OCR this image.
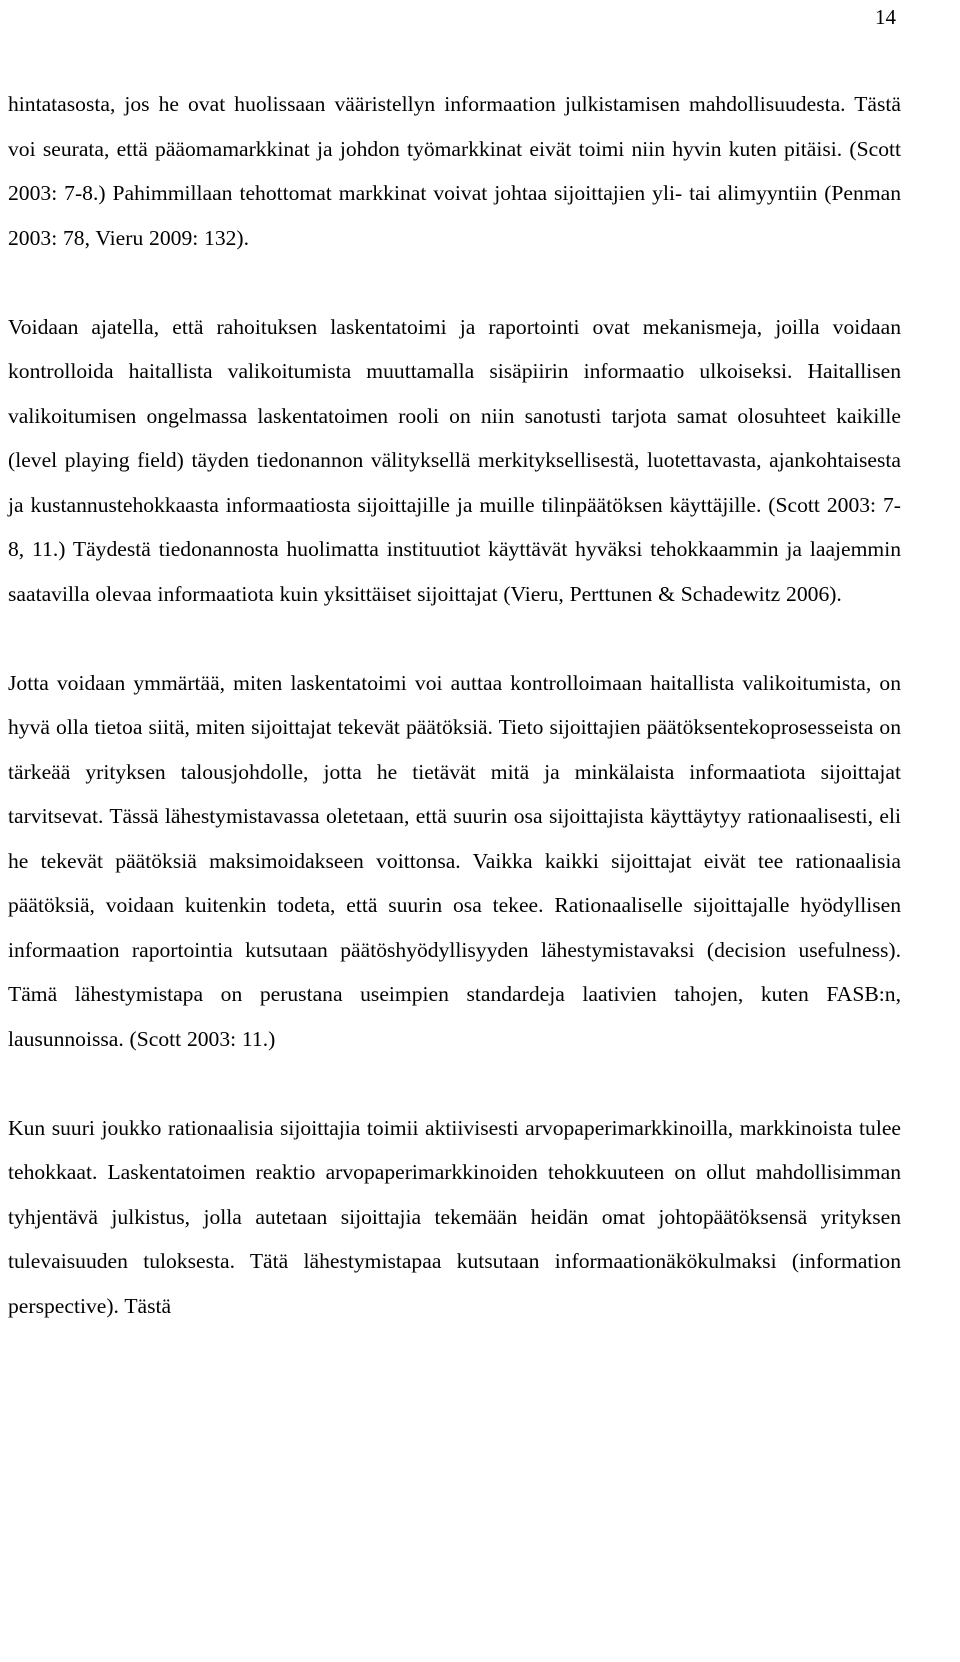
14

hintatasosta, jos he ovat huolissaan vääristellyn informaation julkistamisen mahdollisuudesta. Tästä voi seurata, että pääomamarkkinat ja johdon työmarkkinat eivät toimi niin hyvin kuten pitäisi. (Scott 2003: 7-8.) Pahimmillaan tehottomat markkinat voivat johtaa sijoittajien yli- tai alimyyntiin (Penman 2003: 78, Vieru 2009: 132).

Voidaan ajatella, että rahoituksen laskentatoimi ja raportointi ovat mekanismeja, joilla voidaan kontrolloida haitallista valikoitumista muuttamalla sisäpiirin informaatio ulkoiseksi. Haitallisen valikoitumisen ongelmassa laskentatoimen rooli on niin sanotusti tarjota samat olosuhteet kaikille (level playing field) täyden tiedonannon välityksellä merkityksellisestä, luotettavasta, ajankohtaisesta ja kustannustehokkaasta informaatiosta sijoittajille ja muille tilinpäätöksen käyttäjille. (Scott 2003: 7-8, 11.) Täydestä tiedonannosta huolimatta instituutiot käyttävät hyväksi tehokkaammin ja laajemmin saatavilla olevaa informaatiota kuin yksittäiset sijoittajat (Vieru, Perttunen & Schadewitz 2006).

Jotta voidaan ymmärtää, miten laskentatoimi voi auttaa kontrolloimaan haitallista valikoitumista, on hyvä olla tietoa siitä, miten sijoittajat tekevät päätöksiä. Tieto sijoittajien päätöksentekoprosesseista on tärkeää yrityksen talousjohdolle, jotta he tietävät mitä ja minkälaista informaatiota sijoittajat tarvitsevat. Tässä lähestymistavassa oletetaan, että suurin osa sijoittajista käyttäytyy rationaalisesti, eli he tekevät päätöksiä maksimoidakseen voittonsa. Vaikka kaikki sijoittajat eivät tee rationaalisia päätöksiä, voidaan kuitenkin todeta, että suurin osa tekee. Rationaaliselle sijoittajalle hyödyllisen informaation raportointia kutsutaan päätöshyödyllisyyden lähestymistavaksi (decision usefulness). Tämä lähestymistapa on perustana useimpien standardeja laativien tahojen, kuten FASB:n, lausunnoissa. (Scott 2003: 11.)

Kun suuri joukko rationaalisia sijoittajia toimii aktiivisesti arvopaperimarkkinoilla, markkinoista tulee tehokkaat. Laskentatoimen reaktio arvopaperimarkkinoiden tehokkuuteen on ollut mahdollisimman tyhjentävä julkistus, jolla autetaan sijoittajia tekemään heidän omat johtopäätöksensä yrityksen tulevaisuuden tuloksesta. Tätä lähestymistapaa kutsutaan informaationäkökulmaksi (information perspective). Tästä
